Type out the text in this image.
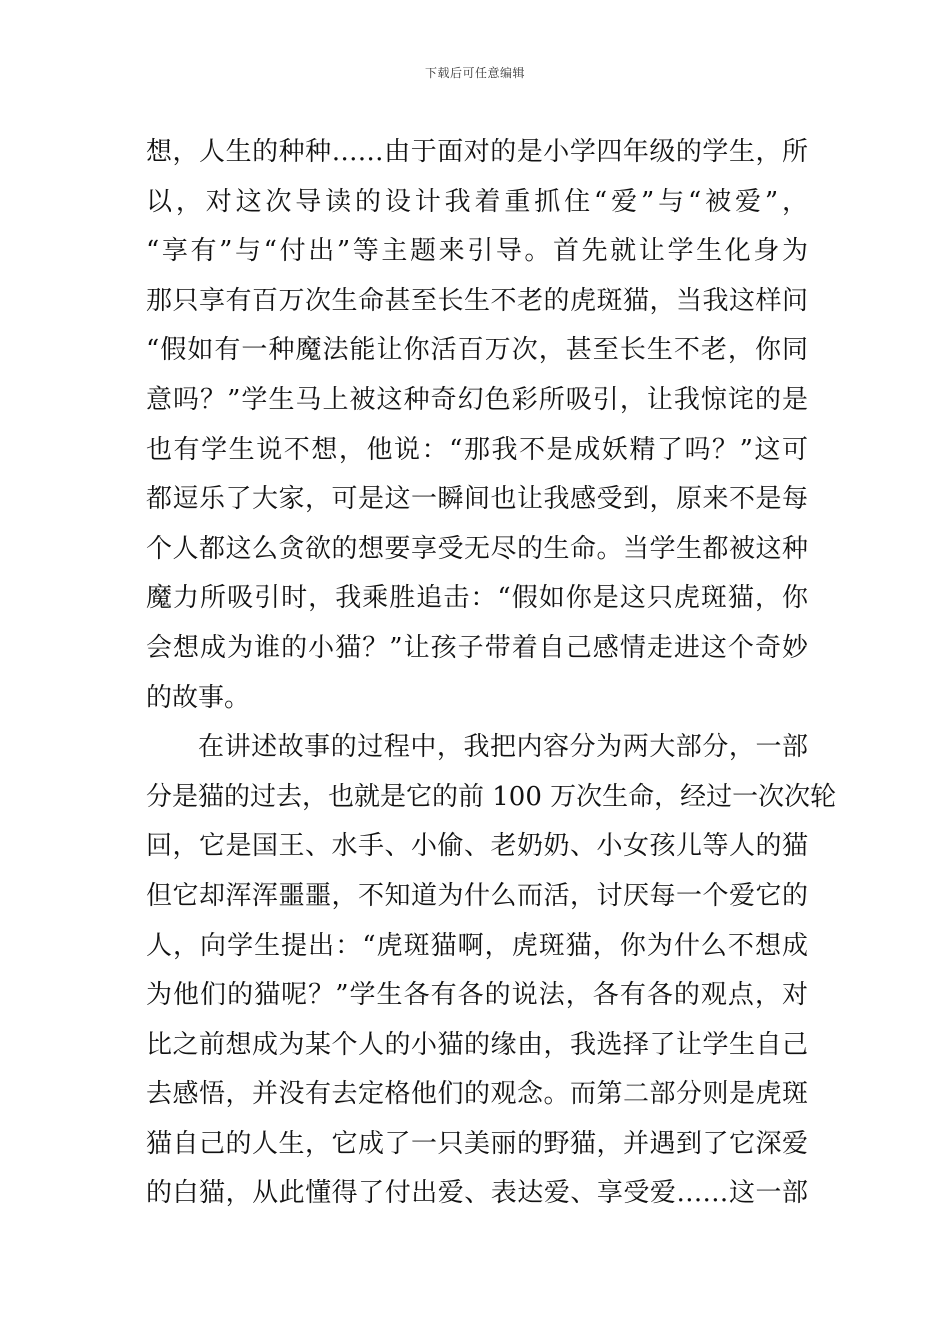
下载后可任意编辑
想，人生的种种……由于面对的是小学四年级的学生，所
以，对这次导读的设计我着重抓住“爱”与“被爱”，
“享有”与“付出”等主题来引导。首先就让学生化身为
那只享有百万次生命甚至长生不老的虎斑猫，当我这样问
“假如有一种魔法能让你活百万次，甚至长生不老，你同
意吗？”学生马上被这种奇幻色彩所吸引，让我惊诧的是
也有学生说不想，他说：“那我不是成妖精了吗？”这可
都逗乐了大家，可是这一瞬间也让我感受到，原来不是每
个人都这么贪欲的想要享受无尽的生命。当学生都被这种
魔力所吸引时，我乘胜追击：“假如你是这只虎斑猫，你
会想成为谁的小猫？”让孩子带着自己感情走进这个奇妙
的故事。
在讲述故事的过程中，我把内容分为两大部分，一部
分是猫的过去，也就是它的前 100 万次生命，经过一次次轮
回，它是国王、水手、小偷、老奶奶、小女孩儿等人的猫
但它却浑浑噩噩，不知道为什么而活，讨厌每一个爱它的
人，向学生提出：“虎斑猫啊，虎斑猫，你为什么不想成
为他们的猫呢？”学生各有各的说法，各有各的观点，对
比之前想成为某个人的小猫的缘由，我选择了让学生自己
去感悟，并没有去定格他们的观念。而第二部分则是虎斑
猫自己的人生，它成了一只美丽的野猫，并遇到了它深爱
的白猫，从此懂得了付出爱、表达爱、享受爱……这一部
